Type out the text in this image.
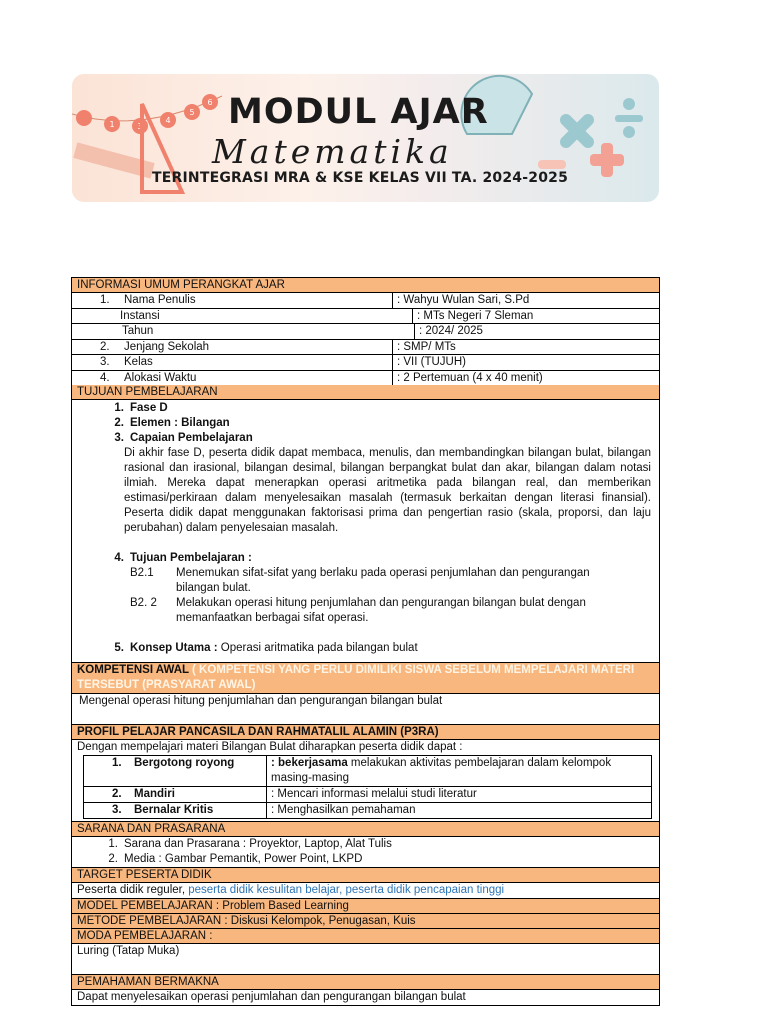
1	3
4
5
6 MODUL AJAR
Matematika
TERINTEGRASI MRA & KSE KELAS VII TA. 2024-2025
INFORMASI UMUM PERANGKAT AJAR
1. Nama Penulis	: Wahyu Wulan Sari, S.Pd
Instansi	: MTs Negeri 7 Sleman
Tahun	: 2024/ 2025
2. Jenjang Sekolah	: SMP/ MTs
3. Kelas	: VII (TUJUH)
4. Alokasi Waktu	: 2 Pertemuan (4 x 40 menit)
TUJUAN PEMBELAJARAN
1. Fase D
2. Elemen : Bilangan
3. Capaian Pembelajaran
Di akhir fase D, peserta didik dapat membaca, menulis, dan membandingkan bilangan bulat, bilangan rasional dan irasional, bilangan desimal, bilangan berpangkat bulat dan akar, bilangan dalam notasi ilmiah. Mereka dapat menerapkan operasi aritmetika pada bilangan real, dan memberikan estimasi/perkiraan dalam menyelesaikan masalah (termasuk berkaitan dengan literasi finansial). Peserta didik dapat menggunakan faktorisasi prima dan pengertian rasio (skala, proporsi, dan laju perubahan) dalam penyelesaian masalah.
4. Tujuan Pembelajaran :
B2.1	Menemukan sifat-sifat yang berlaku pada operasi penjumlahan dan pengurangan bilangan bulat.
B2. 2	Melakukan operasi hitung penjumlahan dan pengurangan bilangan bulat dengan memanfaatkan berbagai sifat operasi.
5. Konsep Utama : Operasi aritmatika pada bilangan bulat
KOMPETENSI AWAL ( KOMPETENSI YANG PERLU DIMILIKI SISWA SEBELUM MEMPELAJARI MATERI TERSEBUT (PRASYARAT AWAL)
Mengenal operasi hitung penjumlahan dan pengurangan bilangan bulat
PROFIL PELAJAR PANCASILA DAN RAHMATALIL ALAMIN (P3RA)
Dengan mempelajari materi Bilangan Bulat diharapkan peserta didik dapat :
1. Bergotong royong	: bekerjasama melakukan aktivitas pembelajaran dalam kelompok masing-masing
2. Mandiri	: Mencari informasi melalui studi literatur
3. Bernalar Kritis	: Menghasilkan pemahaman
SARANA DAN PRASARANA
1. Sarana dan Prasarana : Proyektor, Laptop, Alat Tulis
2. Media : Gambar Pemantik, Power Point, LKPD
TARGET PESERTA DIDIK
Peserta didik reguler, peserta didik kesulitan belajar, peserta didik pencapaian tinggi
MODEL PEMBELAJARAN : Problem Based Learning
METODE PEMBELAJARAN : Diskusi Kelompok, Penugasan, Kuis
MODA PEMBELAJARAN :
Luring (Tatap Muka)
PEMAHAMAN BERMAKNA
Dapat menyelesaikan operasi penjumlahan dan pengurangan bilangan bulat
